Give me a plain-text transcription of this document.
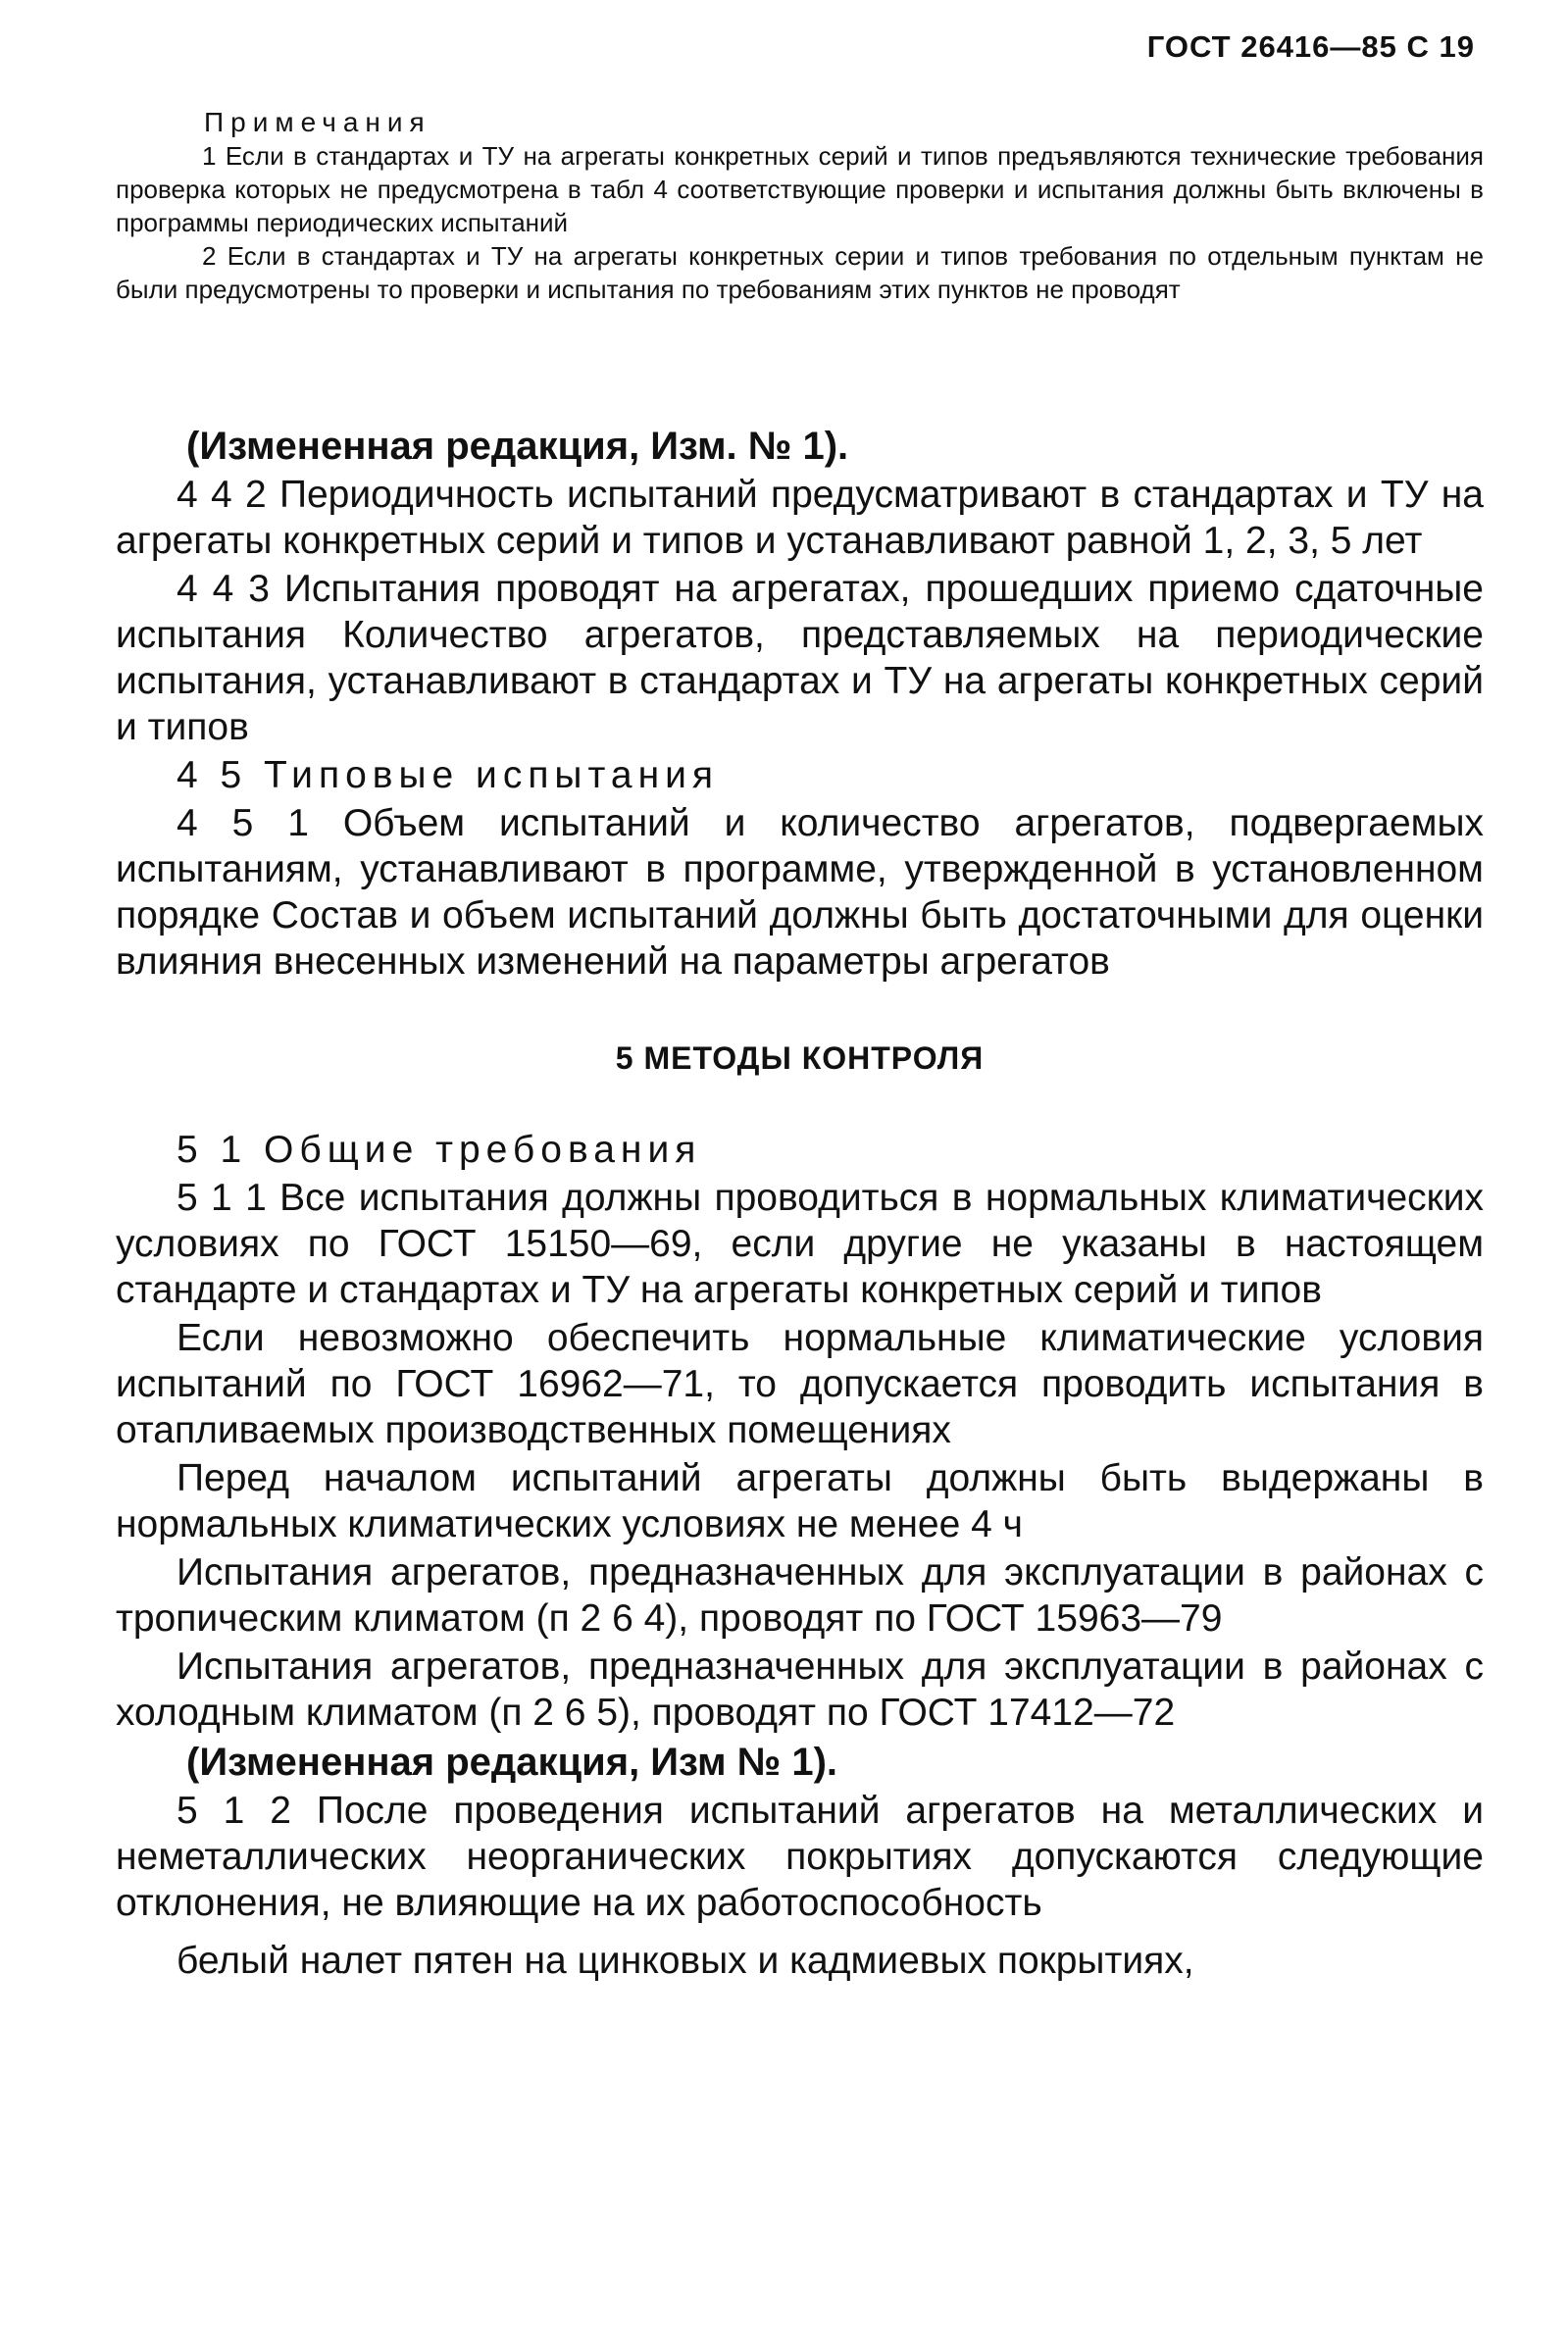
ГОСТ 26416—85 С 19
Примечания

1 Если в стандартах и ТУ на агрегаты конкретных серий и типов предъявляются технические требования проверка которых не предусмотрена в табл 4 соответствующие проверки и испытания должны быть включены в программы периодических испытаний

2 Если в стандартах и ТУ на агрегаты конкретных серии и типов требования по отдельным пунктам не были предусмотрены то проверки и испытания по требованиям этих пунктов не проводят

(Измененная редакция, Изм. № 1).

4 4 2 Периодичность испытаний предусматривают в стандартах и ТУ на агрегаты конкретных серий и типов и устанавливают равной 1, 2, 3, 5 лет

4 4 3 Испытания проводят на агрегатах, прошедших приемо сдаточные испытания Количество агрегатов, представляемых на периодические испытания, устанавливают в стандартах и ТУ на агрегаты конкретных серий и типов

4 5 Типовые испытания

4 5 1 Объем испытаний и количество агрегатов, подвергаемых испытаниям, устанавливают в программе, утвержденной в установленном порядке Состав и объем испытаний должны быть достаточными для оценки влияния внесенных изменений на параметры агрегатов

5 МЕТОДЫ КОНТРОЛЯ

5 1 Общие требования

5 1 1 Все испытания должны проводиться в нормальных климатических условиях по ГОСТ 15150—69, если другие не указаны в настоящем стандарте и стандартах и ТУ на агрегаты конкретных серий и типов

Если невозможно обеспечить нормальные климатические условия испытаний по ГОСТ 16962—71, то допускается проводить испытания в отапливаемых производственных помещениях

Перед началом испытаний агрегаты должны быть выдержаны в нормальных климатических условиях не менее 4 ч

Испытания агрегатов, предназначенных для эксплуатации в районах с тропическим климатом (п 2 6 4), проводят по ГОСТ 15963—79

Испытания агрегатов, предназначенных для эксплуатации в районах с холодным климатом (п 2 6 5), проводят по ГОСТ 17412—72

(Измененная редакция, Изм № 1).

5 1 2 После проведения испытаний агрегатов на металлических и неметаллических неорганических покрытиях допускаются следующие отклонения, не влияющие на их работоспособность

белый налет пятен на цинковых и кадмиевых покрытиях,
